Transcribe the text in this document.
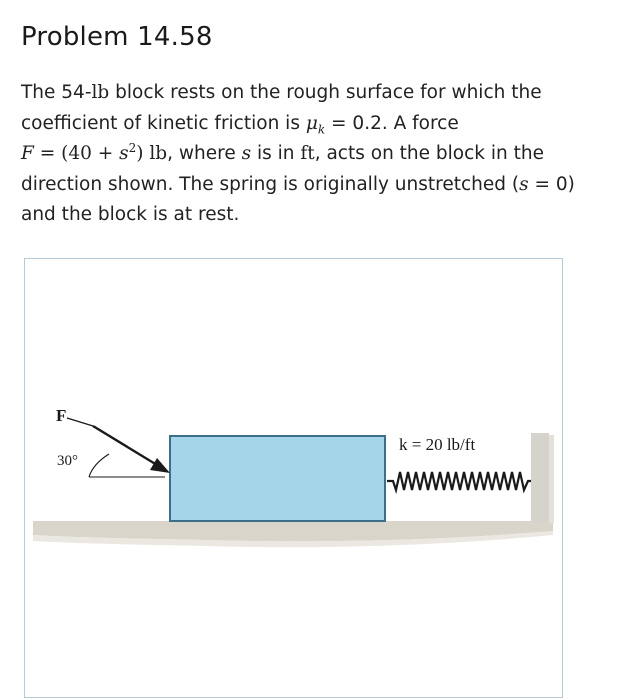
Problem 14.58
The 54-lb block rests on the rough surface for which the
coefficient of kinetic friction is $\mu_k = 0.2$. A force
$F = (40 + s^2)$ lb, where s is in ft, acts on the block in the
direction shown. The spring is originally unstretched (s = 0)
and the block is at rest.
F
30°
k = 20 lb/ft
